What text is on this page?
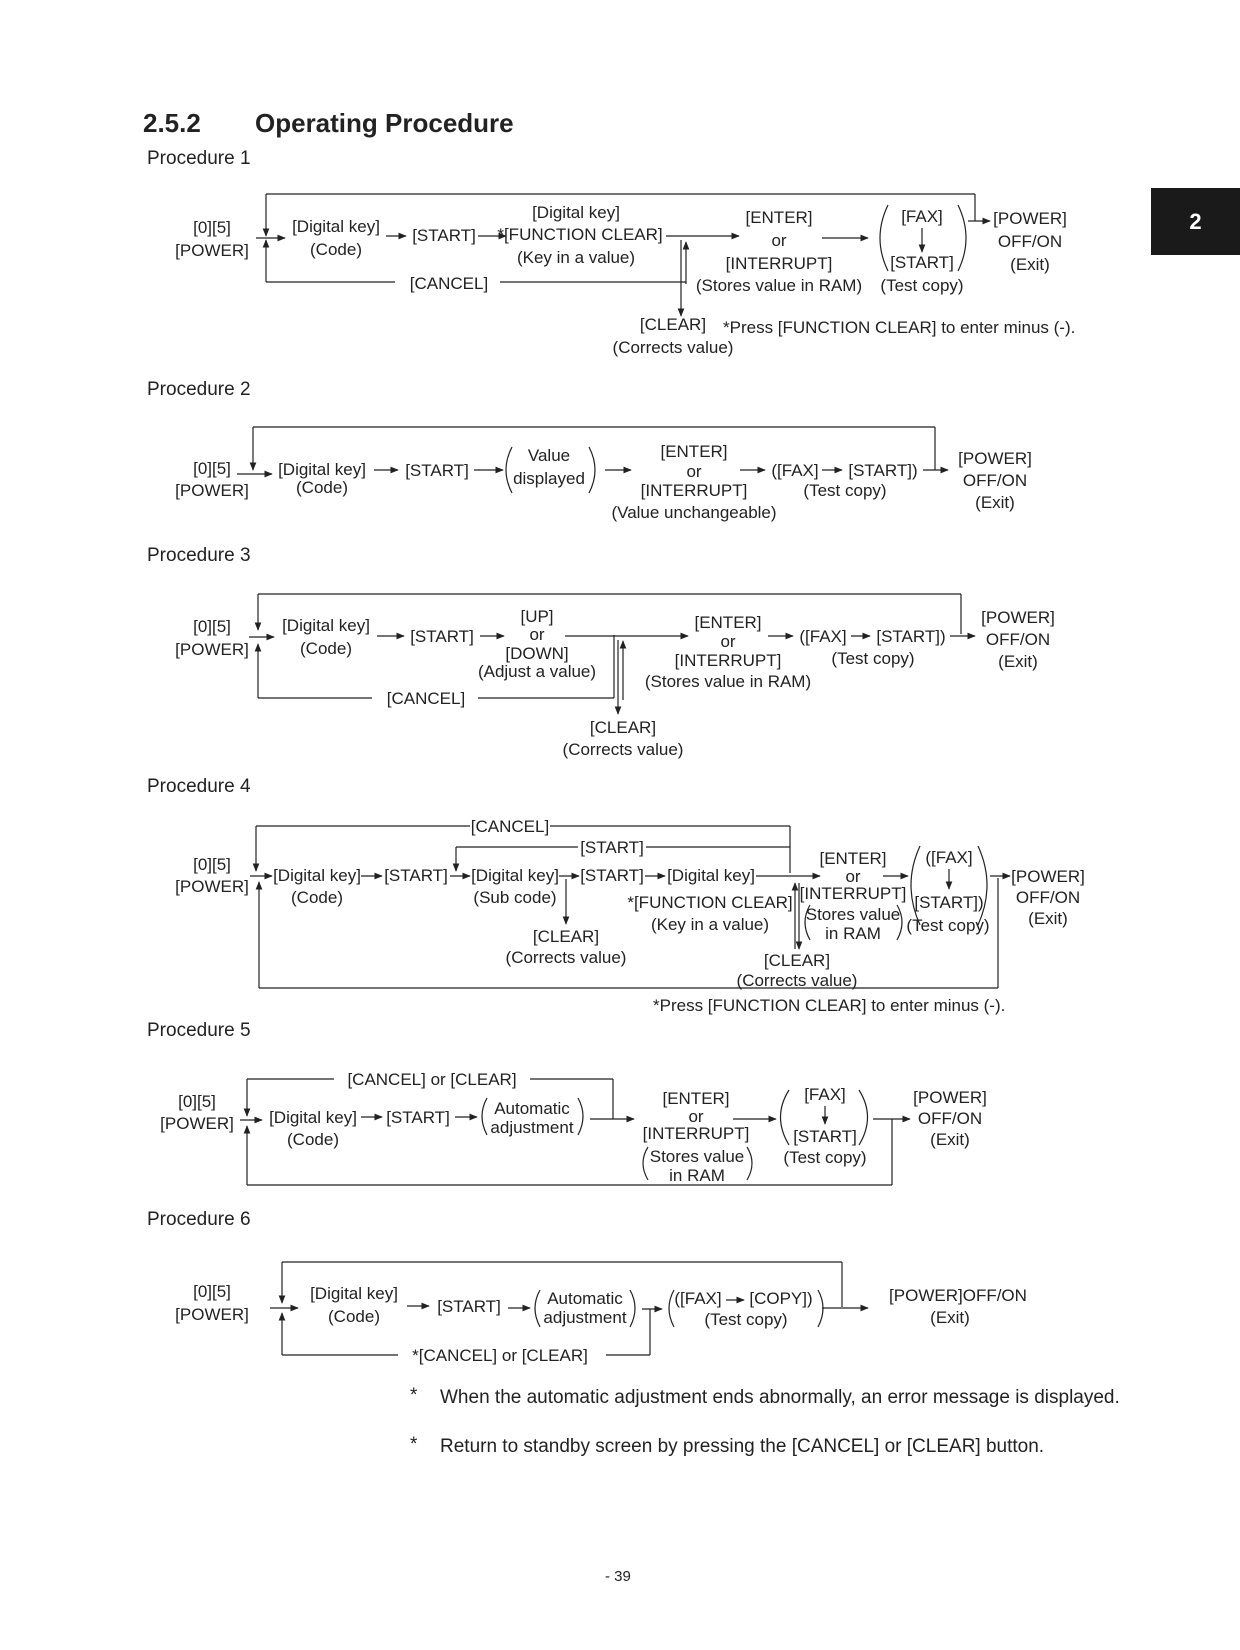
2.5.2 Operating Procedure
2
Procedure 1
Procedure 2
Procedure 3
Procedure 4
Procedure 5
Procedure 6
[0][5]
[POWER]
[Digital key]
(Code)
[START]
[Digital key]
*[FUNCTION CLEAR]
(Key in a value)
[CANCEL]
[ENTER]
or
[INTERRUPT]
(Stores value in RAM)
[FAX]
[START]
(Test copy)
[POWER]
OFF/ON
(Exit)
[CLEAR]
(Corrects value)
*Press [FUNCTION CLEAR] to enter minus (-).
[0][5]
[POWER]
[Digital key]
(Code)
[START]
Value
displayed
[ENTER]
or
[INTERRUPT]
(Value unchangeable)
([FAX] [START])
(Test copy)
[POWER]
OFF/ON
(Exit)
[0][5]
[POWER]
[Digital key]
(Code)
[START]
[UP]
or
[DOWN]
(Adjust a value)
[CANCEL]
[ENTER]
or
[INTERRUPT]
(Stores value in RAM)
([FAX] [START])
(Test copy)
[POWER]
OFF/ON
(Exit)
[CLEAR]
(Corrects value)
[0][5]
[POWER]
[CANCEL]
[START]
[Digital key]
(Code)
[START] [Digital key]
(Sub code)
[START] [Digital key]
*[FUNCTION CLEAR]
(Key in a value)
[CLEAR]
(Corrects value)
[ENTER]
or
[INTERRUPT]
Stores value
in RAM
([FAX]
[START])
(Test copy)
[POWER]
OFF/ON
(Exit)
[CLEAR]
(Corrects value)
*Press [FUNCTION CLEAR] to enter minus (-).
[0][5]
[POWER]
[CANCEL] or [CLEAR]
[Digital key]
(Code)
[START]	Automatic
adjustment
[ENTER]
or
[INTERRUPT]
Stores value
in RAM
[FAX]
[START]
(Test copy)
[POWER]
OFF/ON
(Exit)
[0][5]
[POWER]
*[CANCEL] or [CLEAR]
[Digital key]
(Code)
[START]	Automatic
adjustment
([FAX] [COPY])
(Test copy)
[POWER]OFF/ON
(Exit)
* When the automatic adjustment ends abnormally, an error message is displayed.
* Return to standby screen by pressing the [CANCEL] or [CLEAR] button.
- 39
